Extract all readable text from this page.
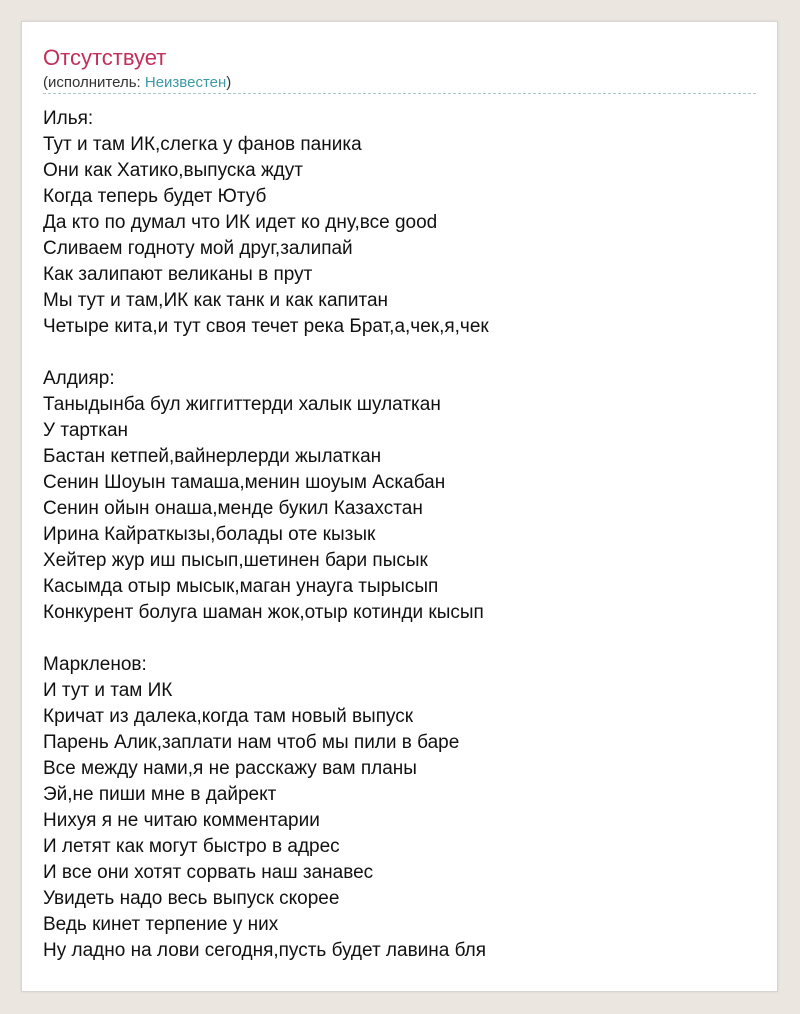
Отсутствует
(исполнитель: Неизвестен)
Илья:
Тут и там ИК,слегка у фанов паника
Они как Хатико,выпуска ждут
Когда теперь будет Ютуб
Да кто по думал что ИК идет ко дну,все good
Сливаем годноту мой друг,залипай
Как залипают великаны в прут
Мы тут и там,ИК как танк и как капитан
Четыре кита,и тут своя течет река Брат,а,чек,я,чек
Алдияр:
Таныдынба бул жиггиттерди халык шулаткан
У тарткан
Бастан кетпей,вайнерлерди жылаткан
Сенин Шоуын тамаша,менин шоуым Аскабан
Сенин ойын онаша,менде букил Казахстан
Ирина Кайраткызы,болады оте кызык
Хейтер жур иш пысып,шетинен бари пысык
Касымда отыр мысык,маган унауга тырысып
Конкурент болуга шаман жок,отыр котинди кысып
Маркленов:
И тут и там ИК
Кричат из далека,когда там новый выпуск
Парень Алик,заплати нам чтоб мы пили в баре
Все между нами,я не расскажу вам планы
Эй,не пиши мне в дайрект
Нихуя я не читаю комментарии
И летят как могут быстро в адрес
И все они хотят сорвать наш занавес
Увидеть надо весь выпуск скорее
Ведь кинет терпение у них
Ну ладно на лови сегодня,пусть будет лавина бля
